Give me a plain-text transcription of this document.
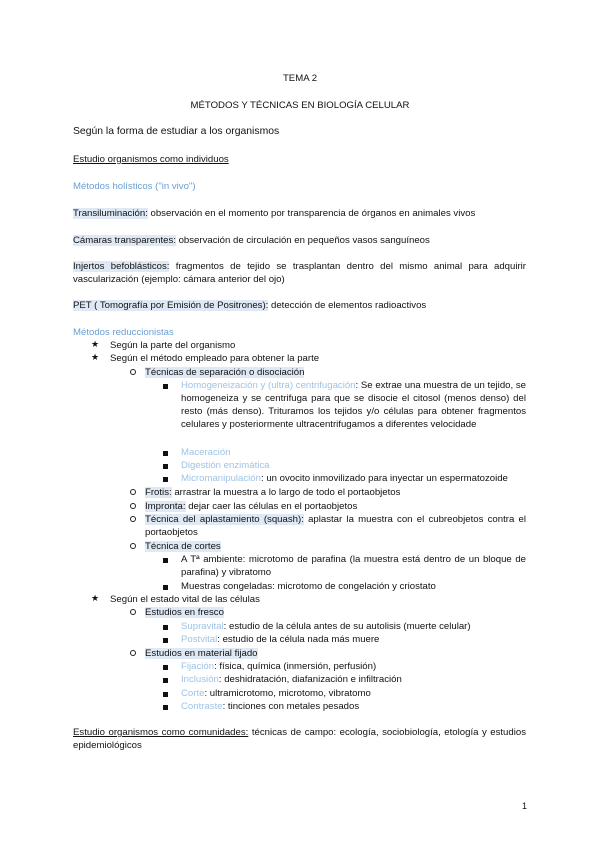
TEMA 2
MÉTODOS Y TÉCNICAS EN BIOLOGÍA CELULAR
Según la forma de estudiar a los organismos
Estudio organismos como individuos
Métodos holísticos ("in vivo")
Transiluminación: observación en el momento por transparencia de órganos en animales vivos
Cámaras transparentes: observación de circulación en pequeños vasos sanguíneos
Injertos befoblásticos: fragmentos de tejido se trasplantan dentro del mismo animal para adquirir vascularización (ejemplo: cámara anterior del ojo)
PET ( Tomografía por Emisión de Positrones): detección de elementos radioactivos
Métodos reduccionistas
★ Según la parte del organismo
★ Según el método empleado para obtener la parte
Técnicas de separación o disociación
Homogeneización y (ultra) centrifugación: Se extrae una muestra de un tejido, se homogeneiza y se centrifuga para que se disocie el citosol (menos denso) del resto (más denso). Trituramos los tejidos y/o células para obtener fragmentos celulares y posteriormente ultracentrifugamos a diferentes velocidade
Maceración
Digestión enzimática
Micromanipulación: un ovocito inmovilizado para inyectar un espermatozoide
Frotis: arrastrar la muestra a lo largo de todo el portaobjetos
Impronta: dejar caer las células en el portaobjetos
Técnica del aplastamiento (squash): aplastar la muestra con el cubreobjetos contra el portaobjetos
Técnica de cortes
A Tª ambiente: microtomo de parafina (la muestra está dentro de un bloque de parafina) y vibratomo
Muestras congeladas: microtomo de congelación y criostato
★ Según el estado vital de las células
Estudios en fresco
Supravital: estudio de la célula antes de su autolisis (muerte celular)
Postvital: estudio de la célula nada más muere
Estudios en material fijado
Fijación: física, química (inmersión, perfusión)
Inclusión: deshidratación, diafanización e infiltración
Corte: ultramicrotomo, microtomo, vibratomo
Contraste: tinciones con metales pesados
Estudio organismos como comunidades: técnicas de campo: ecología, sociobiología, etología y estudios epidemiológicos
1
